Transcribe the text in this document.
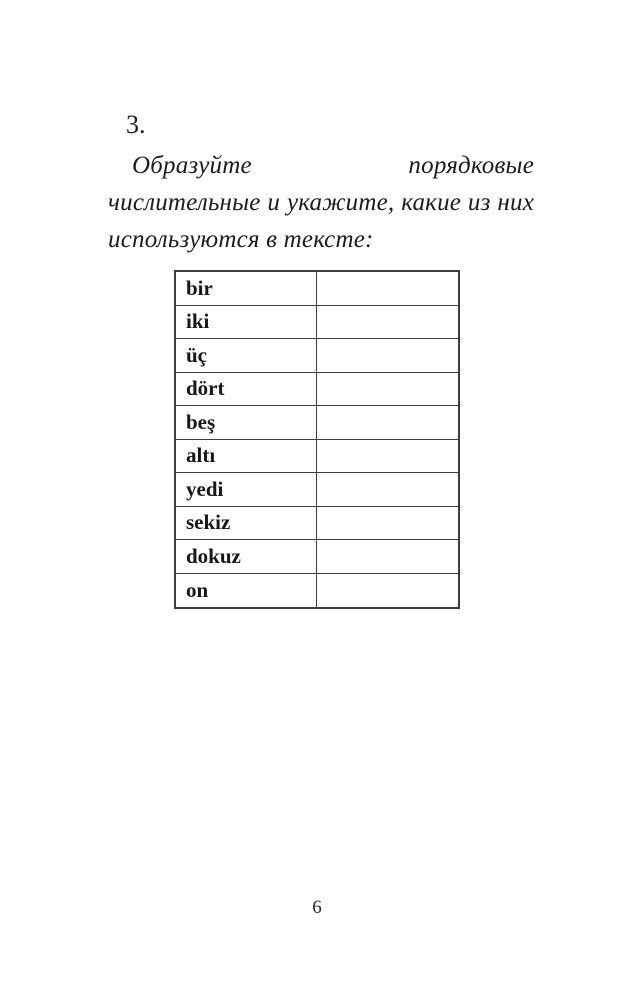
3.
Образуйте порядковые числительные и укажите, какие из них используются в тексте:
bir
iki
üç
dört
beş
altı
yedi
sekiz
dokuz
on
6
